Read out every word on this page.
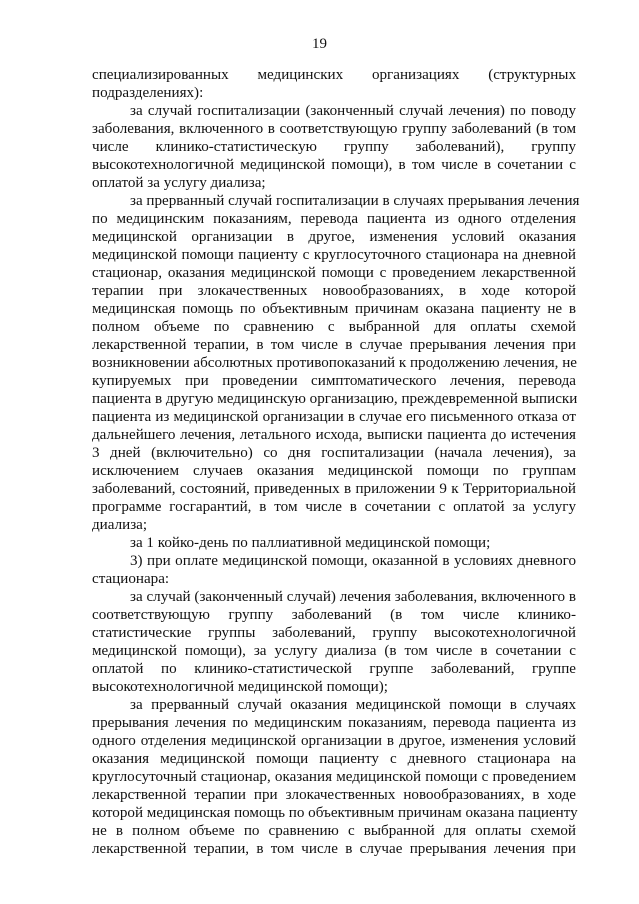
19
специализированных медицинских организациях (структурных
подразделениях):
за случай госпитализации (законченный случай лечения) по поводу
заболевания, включенного в соответствующую группу заболеваний (в том
числе клинико-статистическую группу заболеваний), группу
высокотехнологичной медицинской помощи), в том числе в сочетании с
оплатой за услугу диализа;
за прерванный случай госпитализации в случаях прерывания лечения
по медицинским показаниям, перевода пациента из одного отделения
медицинской организации в другое, изменения условий оказания
медицинской помощи пациенту с круглосуточного стационара на дневной
стационар, оказания медицинской помощи с проведением лекарственной
терапии при злокачественных новообразованиях, в ходе которой
медицинская помощь по объективным причинам оказана пациенту не в
полном объеме по сравнению с выбранной для оплаты схемой
лекарственной терапии, в том числе в случае прерывания лечения при
возникновении абсолютных противопоказаний к продолжению лечения, не
купируемых при проведении симптоматического лечения, перевода
пациента в другую медицинскую организацию, преждевременной выписки
пациента из медицинской организации в случае его письменного отказа от
дальнейшего лечения, летального исхода, выписки пациента до истечения
3 дней (включительно) со дня госпитализации (начала лечения), за
исключением случаев оказания медицинской помощи по группам
заболеваний, состояний, приведенных в приложении 9 к Территориальной
программе госгарантий, в том числе в сочетании с оплатой за услугу
диализа;
за 1 койко-день по паллиативной медицинской помощи;
3) при оплате медицинской помощи, оказанной в условиях дневного
стационара:
за случай (законченный случай) лечения заболевания, включенного в
соответствующую группу заболеваний (в том числе клинико-
статистические группы заболеваний, группу высокотехнологичной
медицинской помощи), за услугу диализа (в том числе в сочетании с
оплатой по клинико-статистической группе заболеваний, группе
высокотехнологичной медицинской помощи);
за прерванный случай оказания медицинской помощи в случаях
прерывания лечения по медицинским показаниям, перевода пациента из
одного отделения медицинской организации в другое, изменения условий
оказания медицинской помощи пациенту с дневного стационара на
круглосуточный стационар, оказания медицинской помощи с проведением
лекарственной терапии при злокачественных новообразованиях, в ходе
которой медицинская помощь по объективным причинам оказана пациенту
не в полном объеме по сравнению с выбранной для оплаты схемой
лекарственной терапии, в том числе в случае прерывания лечения при
